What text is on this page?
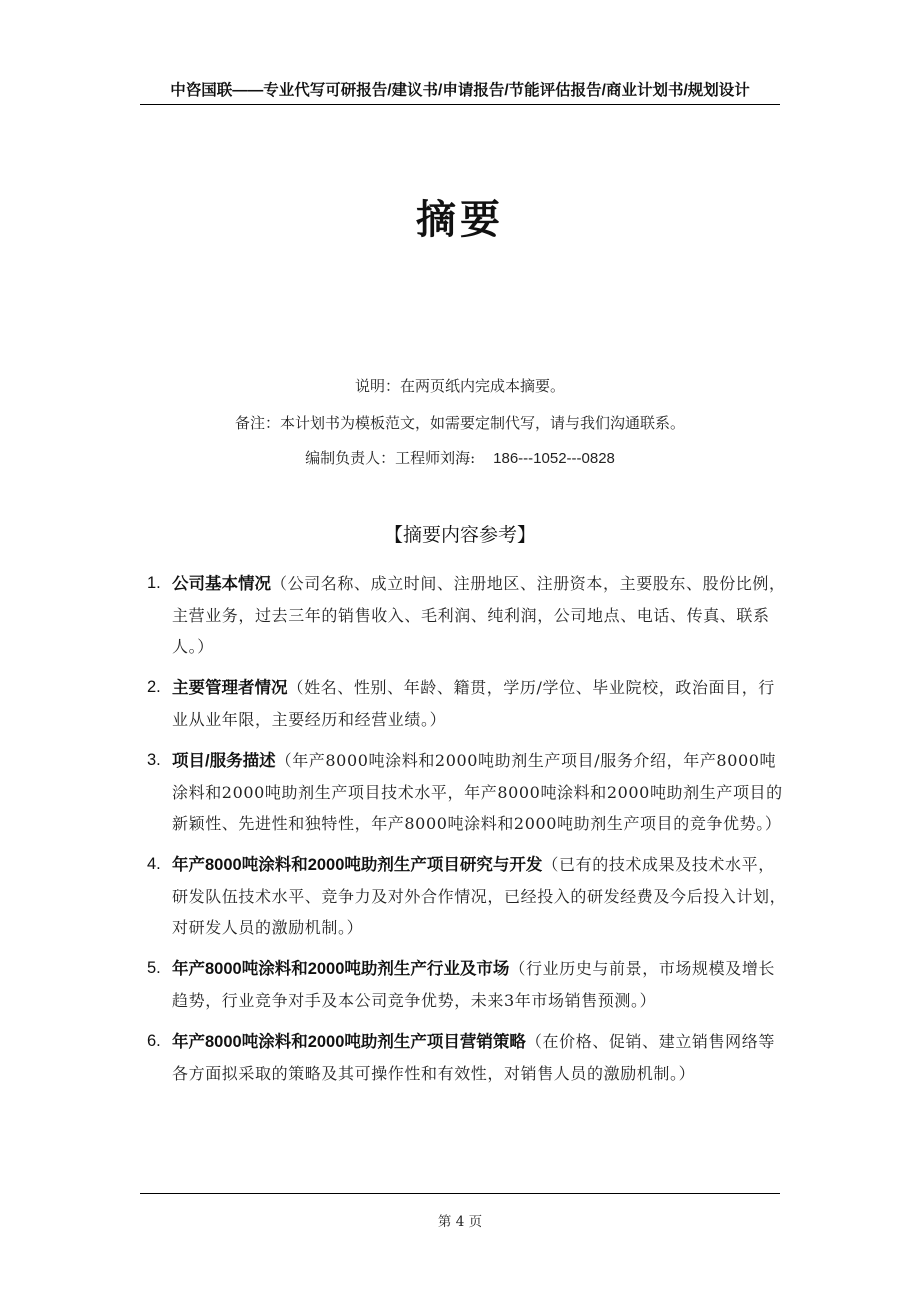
中咨国联——专业代写可研报告/建议书/申请报告/节能评估报告/商业计划书/规划设计
摘要
说明：在两页纸内完成本摘要。
备注：本计划书为模板范文，如需要定制代写，请与我们沟通联系。
编制负责人：工程师刘海: 186---1052---0828
【摘要内容参考】
1. 公司基本情况（公司名称、成立时间、注册地区、注册资本，主要股东、股份比例，主营业务，过去三年的销售收入、毛利润、纯利润，公司地点、电话、传真、联系人。）
2. 主要管理者情况（姓名、性别、年龄、籍贯，学历/学位、毕业院校，政治面目，行业从业年限，主要经历和经营业绩。）
3. 项目/服务描述（年产8000吨涂料和2000吨助剂生产项目/服务介绍，年产8000吨涂料和2000吨助剂生产项目技术水平，年产8000吨涂料和2000吨助剂生产项目的新颖性、先进性和独特性，年产8000吨涂料和2000吨助剂生产项目的竞争优势。）
4. 年产8000吨涂料和2000吨助剂生产项目研究与开发（已有的技术成果及技术水平，研发队伍技术水平、竞争力及对外合作情况，已经投入的研发经费及今后投入计划，对研发人员的激励机制。）
5. 年产8000吨涂料和2000吨助剂生产行业及市场（行业历史与前景，市场规模及增长趋势，行业竞争对手及本公司竞争优势，未来3年市场销售预测。）
6. 年产8000吨涂料和2000吨助剂生产项目营销策略（在价格、促销、建立销售网络等各方面拟采取的策略及其可操作性和有效性，对销售人员的激励机制。）
第 4 页
